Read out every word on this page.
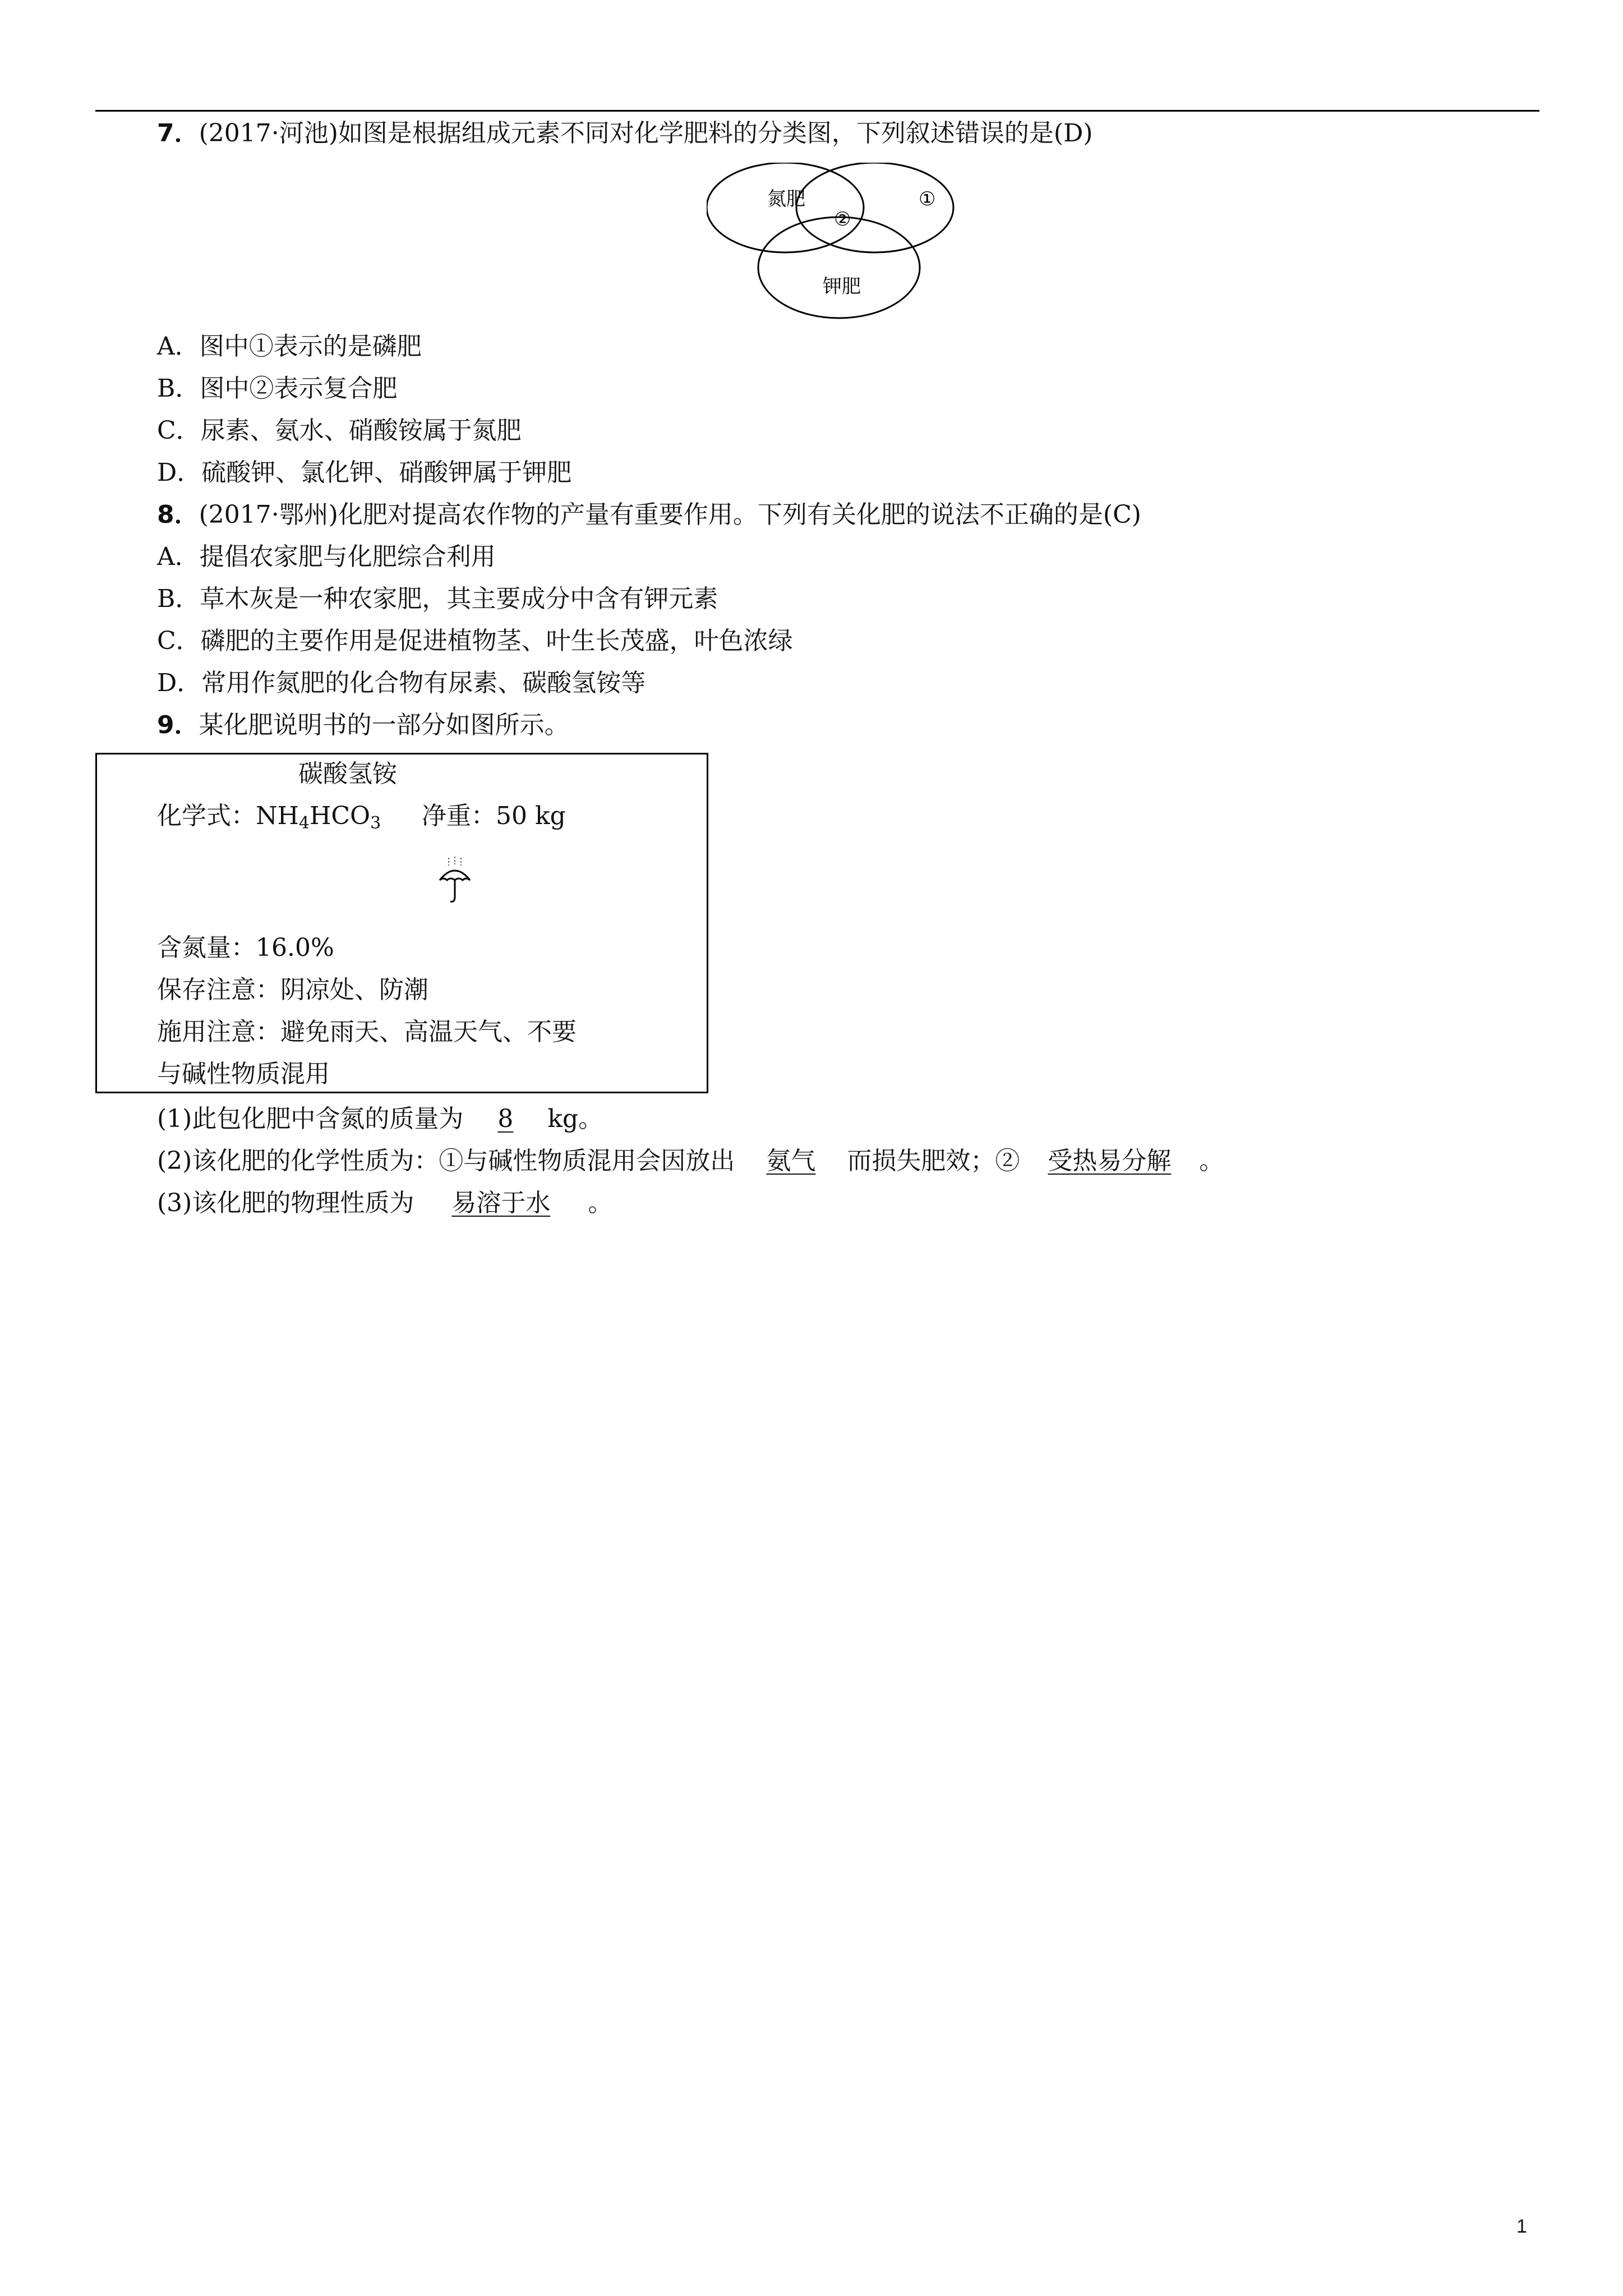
7．(2017·河池)如图是根据组成元素不同对化学肥料的分类图，下列叙述错误的是(D)
氮肥	①
②
钾肥
A．图中①表示的是磷肥
B．图中②表示复合肥
C．尿素、氨水、硝酸铵属于氮肥
D．硫酸钾、氯化钾、硝酸钾属于钾肥
8．(2017·鄂州)化肥对提高农作物的产量有重要作用。下列有关化肥的说法不正确的是(C)
A．提倡农家肥与化肥综合利用
B．草木灰是一种农家肥，其主要成分中含有钾元素
C．磷肥的主要作用是促进植物茎、叶生长茂盛，叶色浓绿
D．常用作氮肥的化合物有尿素、碳酸氢铵等
9．某化肥说明书的一部分如图所示。
碳酸氢铵
化学式：NH4HCO3 净重：50 kg
含氮量：16.0%
保存注意：阴凉处、防潮
施用注意：避免雨天、高温天气、不要
与碱性物质混用
(1)此包化肥中含氮的质量为 8 kg。
(2)该化肥的化学性质为：①与碱性物质混用会因放出 氨气 而损失肥效；② 受热易分解 。
(3)该化肥的物理性质为 易溶于水 。
1
